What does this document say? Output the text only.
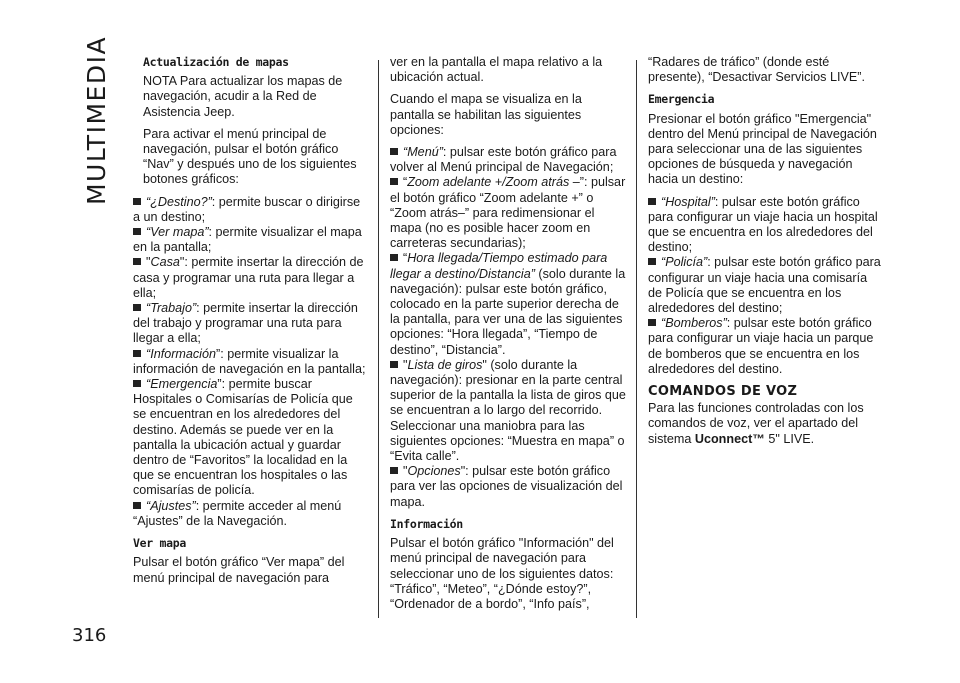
MULTIMEDIA
316

Actualización de mapas

NOTA Para actualizar los mapas de navegación, acudir a la Red de Asistencia Jeep.

Para activar el menú principal de navegación, pulsar el botón gráfico “Nav” y después uno de los siguientes botones gráficos:

“¿Destino?”: permite buscar o dirigirse a un destino;
“Ver mapa”: permite visualizar el mapa en la pantalla;
"Casa": permite insertar la dirección de casa y programar una ruta para llegar a ella;
“Trabajo”: permite insertar la dirección del trabajo y programar una ruta para llegar a ella;
“Información”: permite visualizar la información de navegación en la pantalla;
“Emergencia”: permite buscar Hospitales o Comisarías de Policía que se encuentran en los alrededores del destino. Además se puede ver en la pantalla la ubicación actual y guardar dentro de “Favoritos” la localidad en la que se encuentran los hospitales o las comisarías de policía.

“Ajustes”: permite acceder al menú “Ajustes” de la Navegación.

Ver mapa

Pulsar el botón gráfico “Ver mapa” del menú principal de navegación para

ver en la pantalla el mapa relativo a la ubicación actual.

Cuando el mapa se visualiza en la pantalla se habilitan las siguientes opciones:

“Menú”: pulsar este botón gráfico para volver al Menú principal de Navegación;
“Zoom adelante +/Zoom atrás –”: pulsar el botón gráfico “Zoom adelante +” o “Zoom atrás–” para redimensionar el mapa (no es posible hacer zoom en carreteras secundarias);
“Hora llegada/Tiempo estimado para llegar a destino/Distancia” (solo durante la navegación): pulsar este botón gráfico, colocado en la parte superior derecha de la pantalla, para ver una de las siguientes opciones: “Hora llegada”, “Tiempo de destino”, “Distancia”.
"Lista de giros" (solo durante la navegación): presionar en la parte central superior de la pantalla la lista de giros que se encuentran a lo largo del recorrido. Seleccionar una maniobra para las siguientes opciones: “Muestra en mapa” o “Evita calle”.

"Opciones": pulsar este botón gráfico para ver las opciones de visualización del mapa.

Información

Pulsar el botón gráfico "Información" del menú principal de navegación para seleccionar uno de los siguientes datos: “Tráfico”, “Meteo”, “¿Dónde estoy?”, “Ordenador de a bordo”, “Info país”,

“Radares de tráfico” (donde esté presente), “Desactivar Servicios LIVE”.

Emergencia

Presionar el botón gráfico "Emergencia" dentro del Menú principal de Navegación para seleccionar una de las siguientes opciones de búsqueda y navegación hacia un destino:

“Hospital”: pulsar este botón gráfico para configurar un viaje hacia un hospital que se encuentra en los alrededores del destino;
“Policía”: pulsar este botón gráfico para configurar un viaje hacia una comisaría de Policía que se encuentra en los alrededores del destino;

“Bomberos”: pulsar este botón gráfico para configurar un viaje hacia un parque de bomberos que se encuentra en los alrededores del destino.

COMANDOS DE VOZ

Para las funciones controladas con los comandos de voz, ver el apartado del sistema Uconnect™ 5" LIVE.
